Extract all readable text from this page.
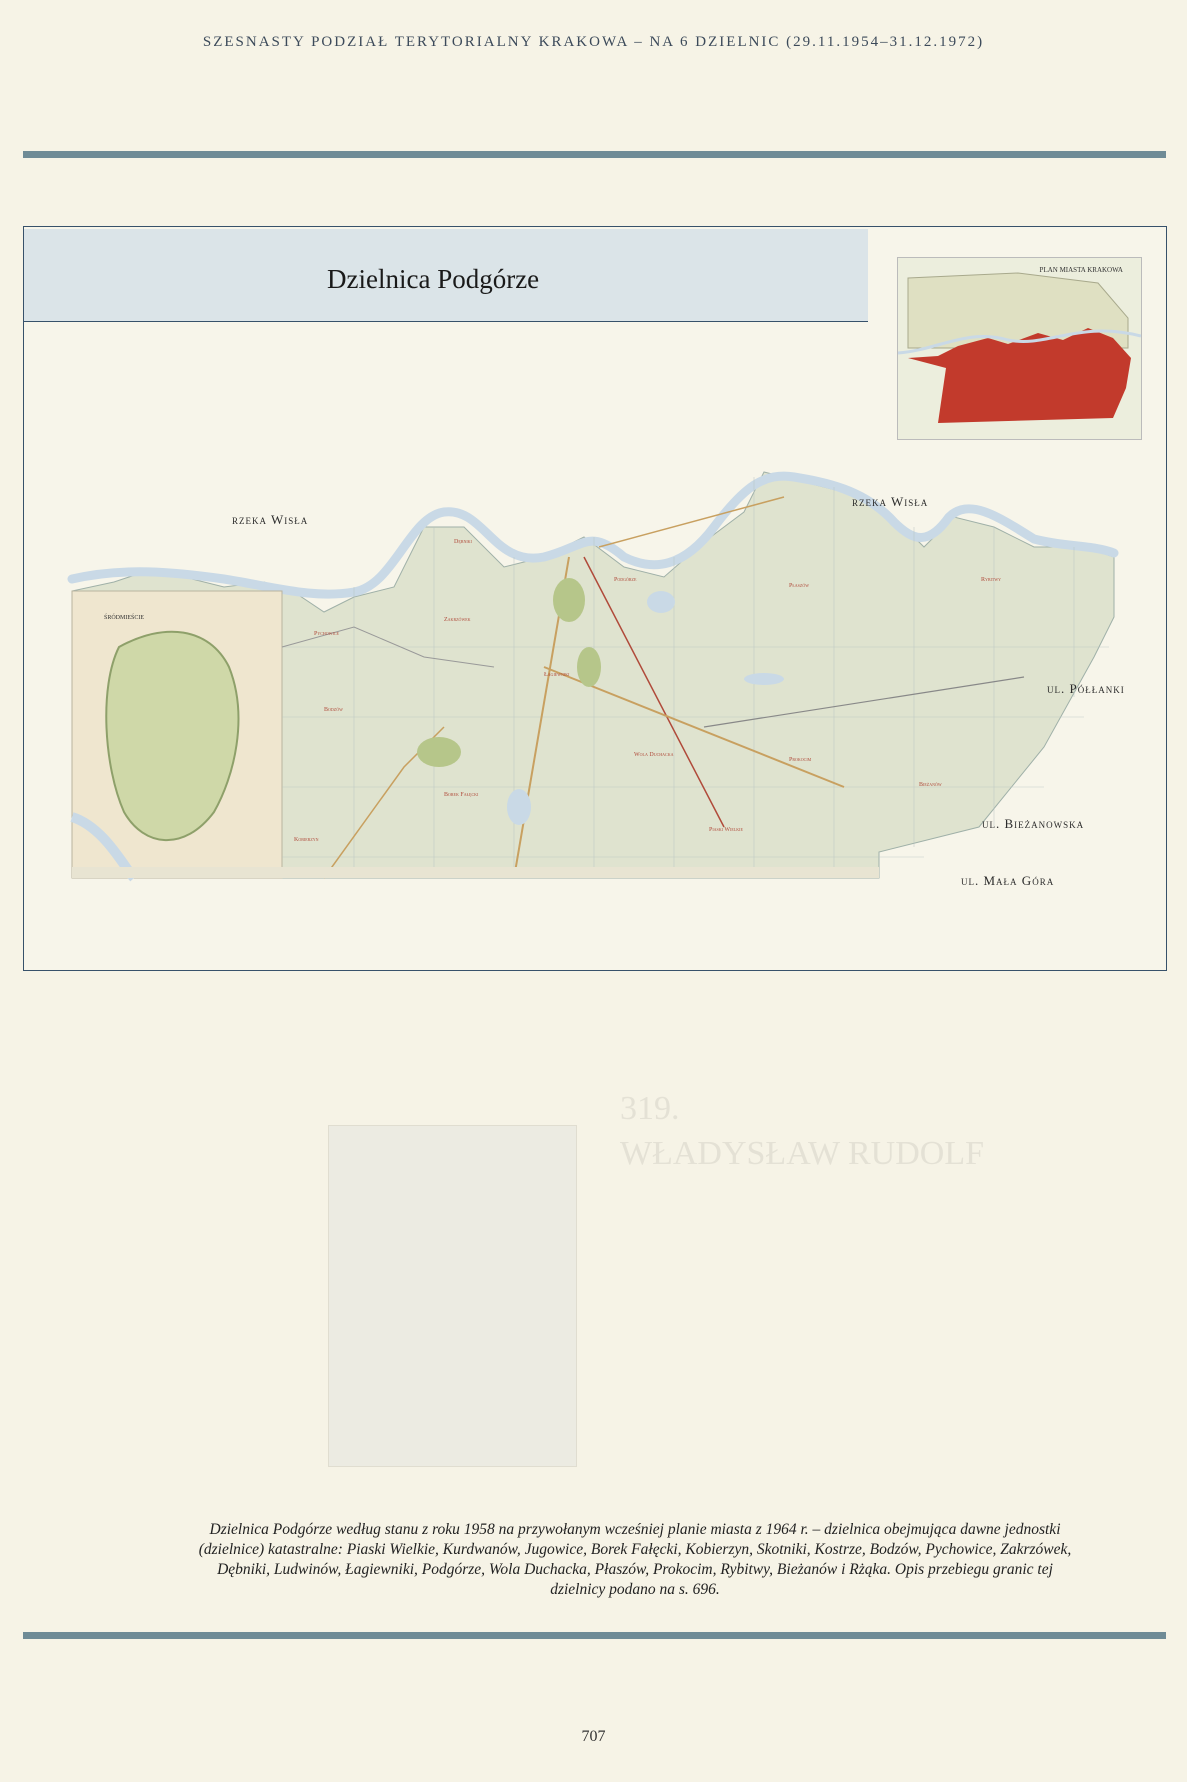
319.
WŁADYSŁAW RUDOLF
SZESNASTY PODZIAŁ TERYTORIALNY KRAKOWA – NA 6 DZIELNIC (29.11.1954–31.12.1972)
Dzielnica Podgórze	PLAN MIASTA KRAKOWA
rzeka Wisła
rzeka Wisła
ul. Półłanki
ul. Bieżanowska
ul. Mała Góra
ŚRÓDMIEŚCIE
Dębniki
Podgórze
Płaszów
Rybitwy
Zakrzówek
Pychowice
Łagiewniki
Wola Duchacka
Prokocim
Bieżanów
Borek Fałęcki
Piaski Wielkie
Kobierzyn
Bodzów
Dzielnica Podgórze według stanu z roku 1958 na przywołanym wcześniej planie miasta z 1964 r. – dzielnica obejmująca dawne jednostki (dzielnice) katastralne: Piaski Wielkie, Kurdwanów, Jugowice, Borek Fałęcki, Kobierzyn, Skotniki, Kostrze, Bodzów, Pychowice, Zakrzówek, Dębniki, Ludwinów, Łagiewniki, Podgórze, Wola Duchacka, Płaszów, Prokocim, Rybitwy, Bieżanów i Rżąka. Opis przebiegu granic tej dzielnicy podano na s. 696.
707
